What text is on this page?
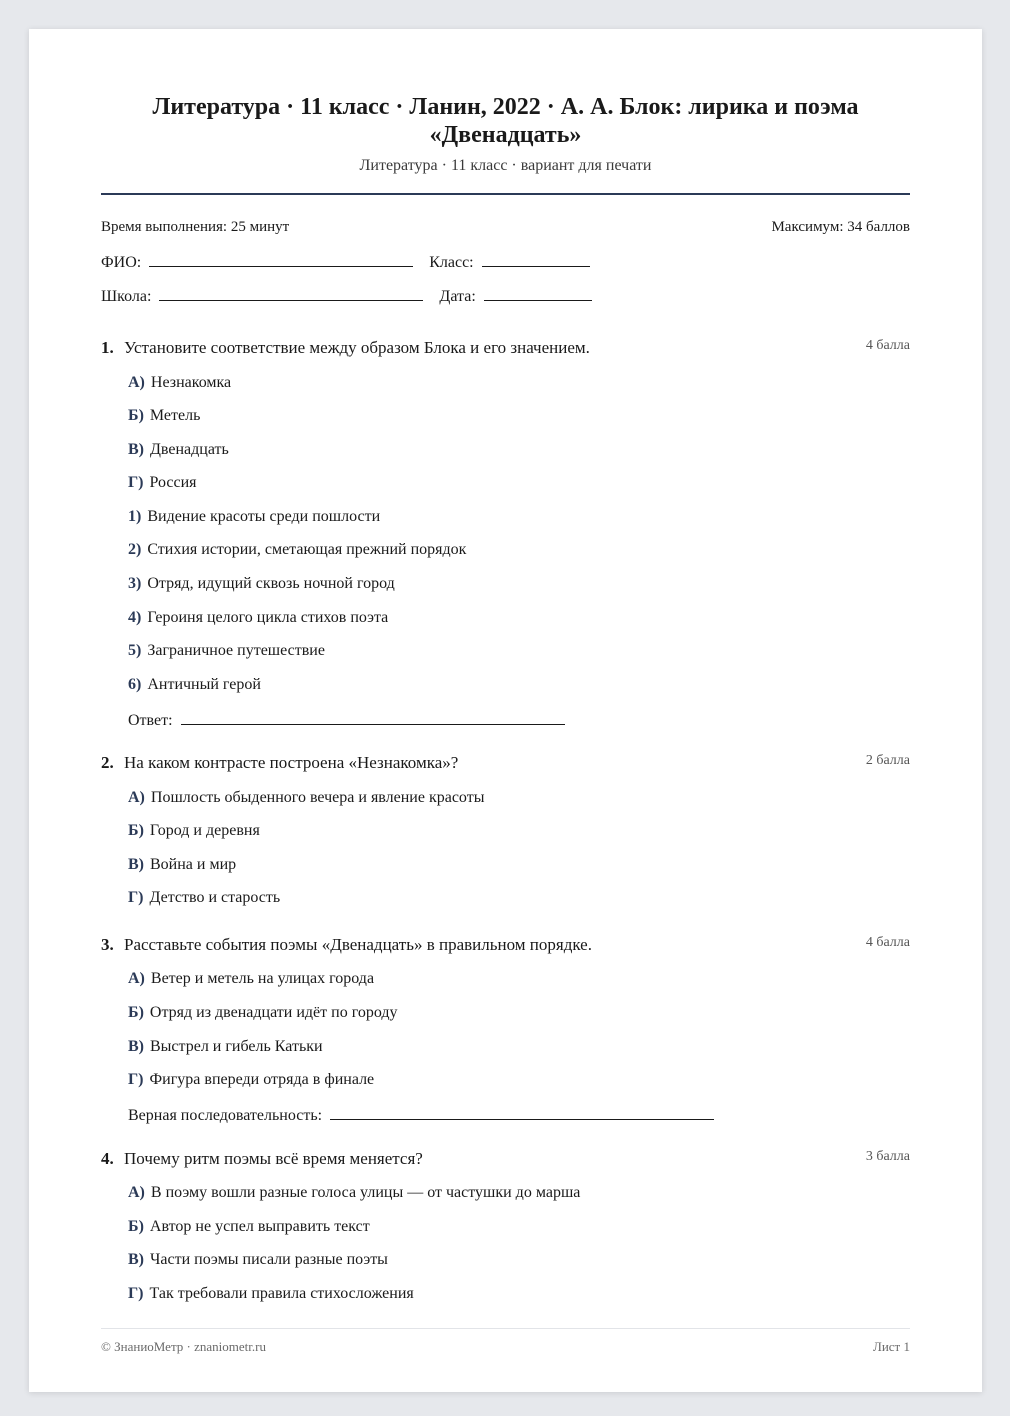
Литература · 11 класс · Ланин, 2022 · А. А. Блок: лирика и поэма «Двенадцать»
Литература · 11 класс · вариант для печати
Время выполнения: 25 минут	Максимум: 34 баллов
ФИО:	Класс:
Школа:	Дата:
1. Установите соответствие между образом Блока и его значением.	4 балла
А) Незнакомка
Б) Метель
В) Двенадцать
Г) Россия
1) Видение красоты среди пошлости
2) Стихия истории, сметающая прежний порядок
3) Отряд, идущий сквозь ночной город
4) Героиня целого цикла стихов поэта
5) Заграничное путешествие
6) Античный герой
Ответ:
2. На каком контрасте построена «Незнакомка»?	2 балла
А) Пошлость обыденного вечера и явление красоты
Б) Город и деревня
В) Война и мир
Г) Детство и старость
3. Расставьте события поэмы «Двенадцать» в правильном порядке.	4 балла
А) Ветер и метель на улицах города
Б) Отряд из двенадцати идёт по городу
В) Выстрел и гибель Катьки
Г) Фигура впереди отряда в финале
Верная последовательность:
4. Почему ритм поэмы всё время меняется?	3 балла
А) В поэму вошли разные голоса улицы — от частушки до марша
Б) Автор не успел выправить текст
В) Части поэмы писали разные поэты
Г) Так требовали правила стихосложения
© ЗнаниоМетр · znaniometr.ru	Лист 1
